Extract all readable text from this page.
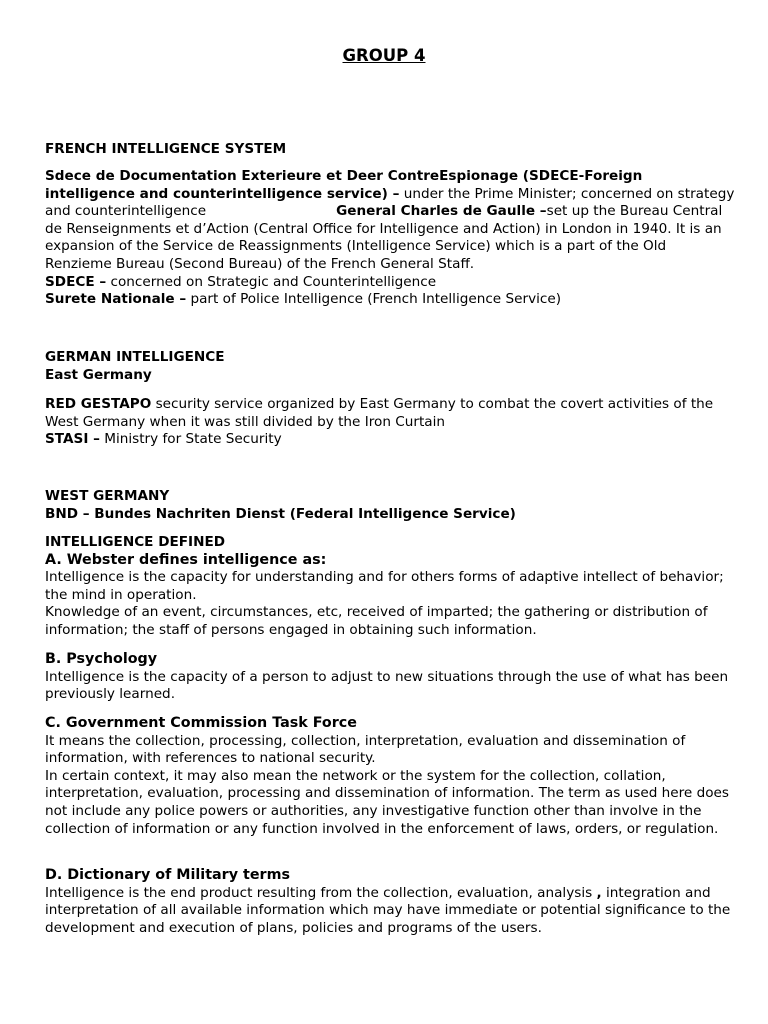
GROUP 4
FRENCH INTELLIGENCE SYSTEM
Sdece de Documentation Exterieure et Deer ContreEspionage (SDECE-Foreign intelligence and counterintelligence service) – under the Prime Minister; concerned on strategy and counterintelligence	General Charles de Gaulle –set up the Bureau Central de Renseignments et d’Action (Central Office for Intelligence and Action) in London in 1940. It is an expansion of the Service de Reassignments (Intelligence Service) which is a part of the Old Renzieme Bureau (Second Bureau) of the French General Staff.
SDECE – concerned on Strategic and Counterintelligence
Surete Nationale – part of Police Intelligence (French Intelligence Service)
GERMAN INTELLIGENCE
East Germany
RED GESTAPO security service organized by East Germany to combat the covert activities of the West Germany when it was still divided by the Iron Curtain
STASI – Ministry for State Security
WEST GERMANY
BND – Bundes Nachriten Dienst (Federal Intelligence Service)
INTELLIGENCE DEFINED
A. Webster defines intelligence as:
Intelligence is the capacity for understanding and for others forms of adaptive intellect of behavior; the mind in operation.
Knowledge of an event, circumstances, etc, received of imparted; the gathering or distribution of information; the staff of persons engaged in obtaining such information.
B. Psychology
Intelligence is the capacity of a person to adjust to new situations through the use of what has been previously learned.
C. Government Commission Task Force
It means the collection, processing, collection, interpretation, evaluation and dissemination of information, with references to national security.
In certain context, it may also mean the network or the system for the collection, collation, interpretation, evaluation, processing and dissemination of information. The term as used here does not include any police powers or authorities, any investigative function other than involve in the collection of information or any function involved in the enforcement of laws, orders, or regulation.
D. Dictionary of Military terms
Intelligence is the end product resulting from the collection, evaluation, analysis , integration and interpretation of all available information which may have immediate or potential significance to the development and execution of plans, policies and programs of the users.
